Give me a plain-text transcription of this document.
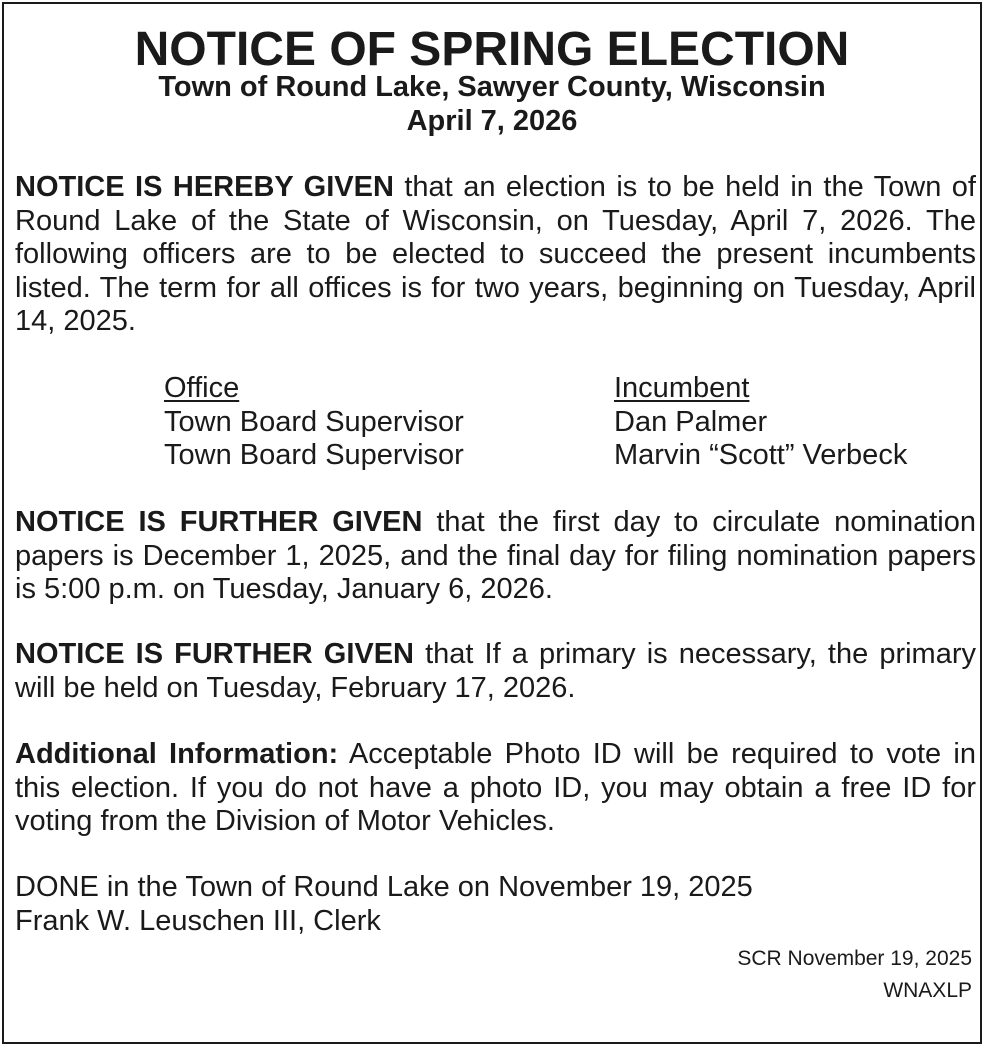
NOTICE OF SPRING ELECTION
Town of Round Lake, Sawyer County, Wisconsin
April 7, 2026

NOTICE IS HEREBY GIVEN that an election is to be held in the Town of Round Lake of the State of Wisconsin, on Tuesday, April 7, 2026. The following officers are to be elected to succeed the present incumbents listed. The term for all offices is for two years, beginning on Tuesday, April 14, 2025.

Office
Town Board Supervisor
Town Board Supervisor
Incumbent
Dan Palmer
Marvin “Scott” Verbeck

NOTICE IS FURTHER GIVEN that the first day to circulate nomination papers is December 1, 2025, and the final day for filing nomination papers is 5:00 p.m. on Tuesday, January 6, 2026.

NOTICE IS FURTHER GIVEN that If a primary is necessary, the primary will be held on Tuesday, February 17, 2026.

Additional Information: Acceptable Photo ID will be required to vote in this election. If you do not have a photo ID, you may obtain a free ID for voting from the Division of Motor Vehicles.

DONE in the Town of Round Lake on November 19, 2025
Frank W. Leuschen III, Clerk
SCR November 19, 2025
WNAXLP
